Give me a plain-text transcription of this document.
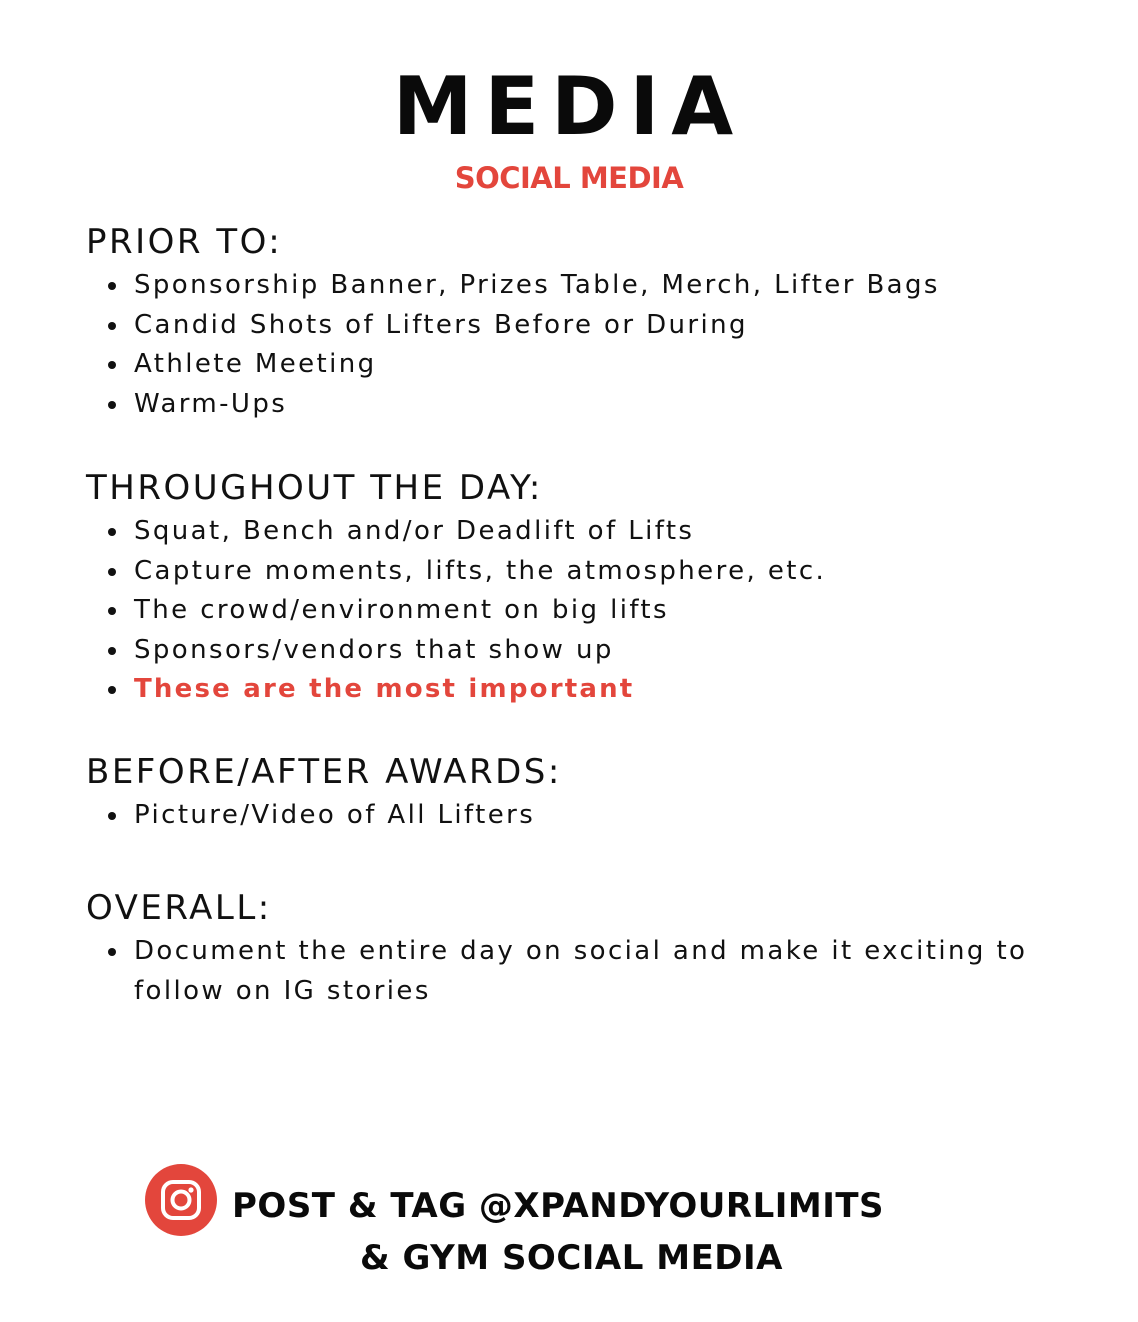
MEDIA
SOCIAL MEDIA
PRIOR TO:
Sponsorship Banner, Prizes Table, Merch, Lifter Bags
Candid Shots of Lifters Before or During
Athlete Meeting
Warm-Ups
THROUGHOUT THE DAY:
Squat, Bench and/or Deadlift of Lifts
Capture moments, lifts, the atmosphere, etc.
The crowd/environment on big lifts
Sponsors/vendors that show up
These are the most important
BEFORE/AFTER AWARDS:
Picture/Video of All Lifters
OVERALL:
Document the entire day on social and make it exciting to follow on IG stories
POST & TAG @XPANDYOURLIMITS
& GYM SOCIAL MEDIA
